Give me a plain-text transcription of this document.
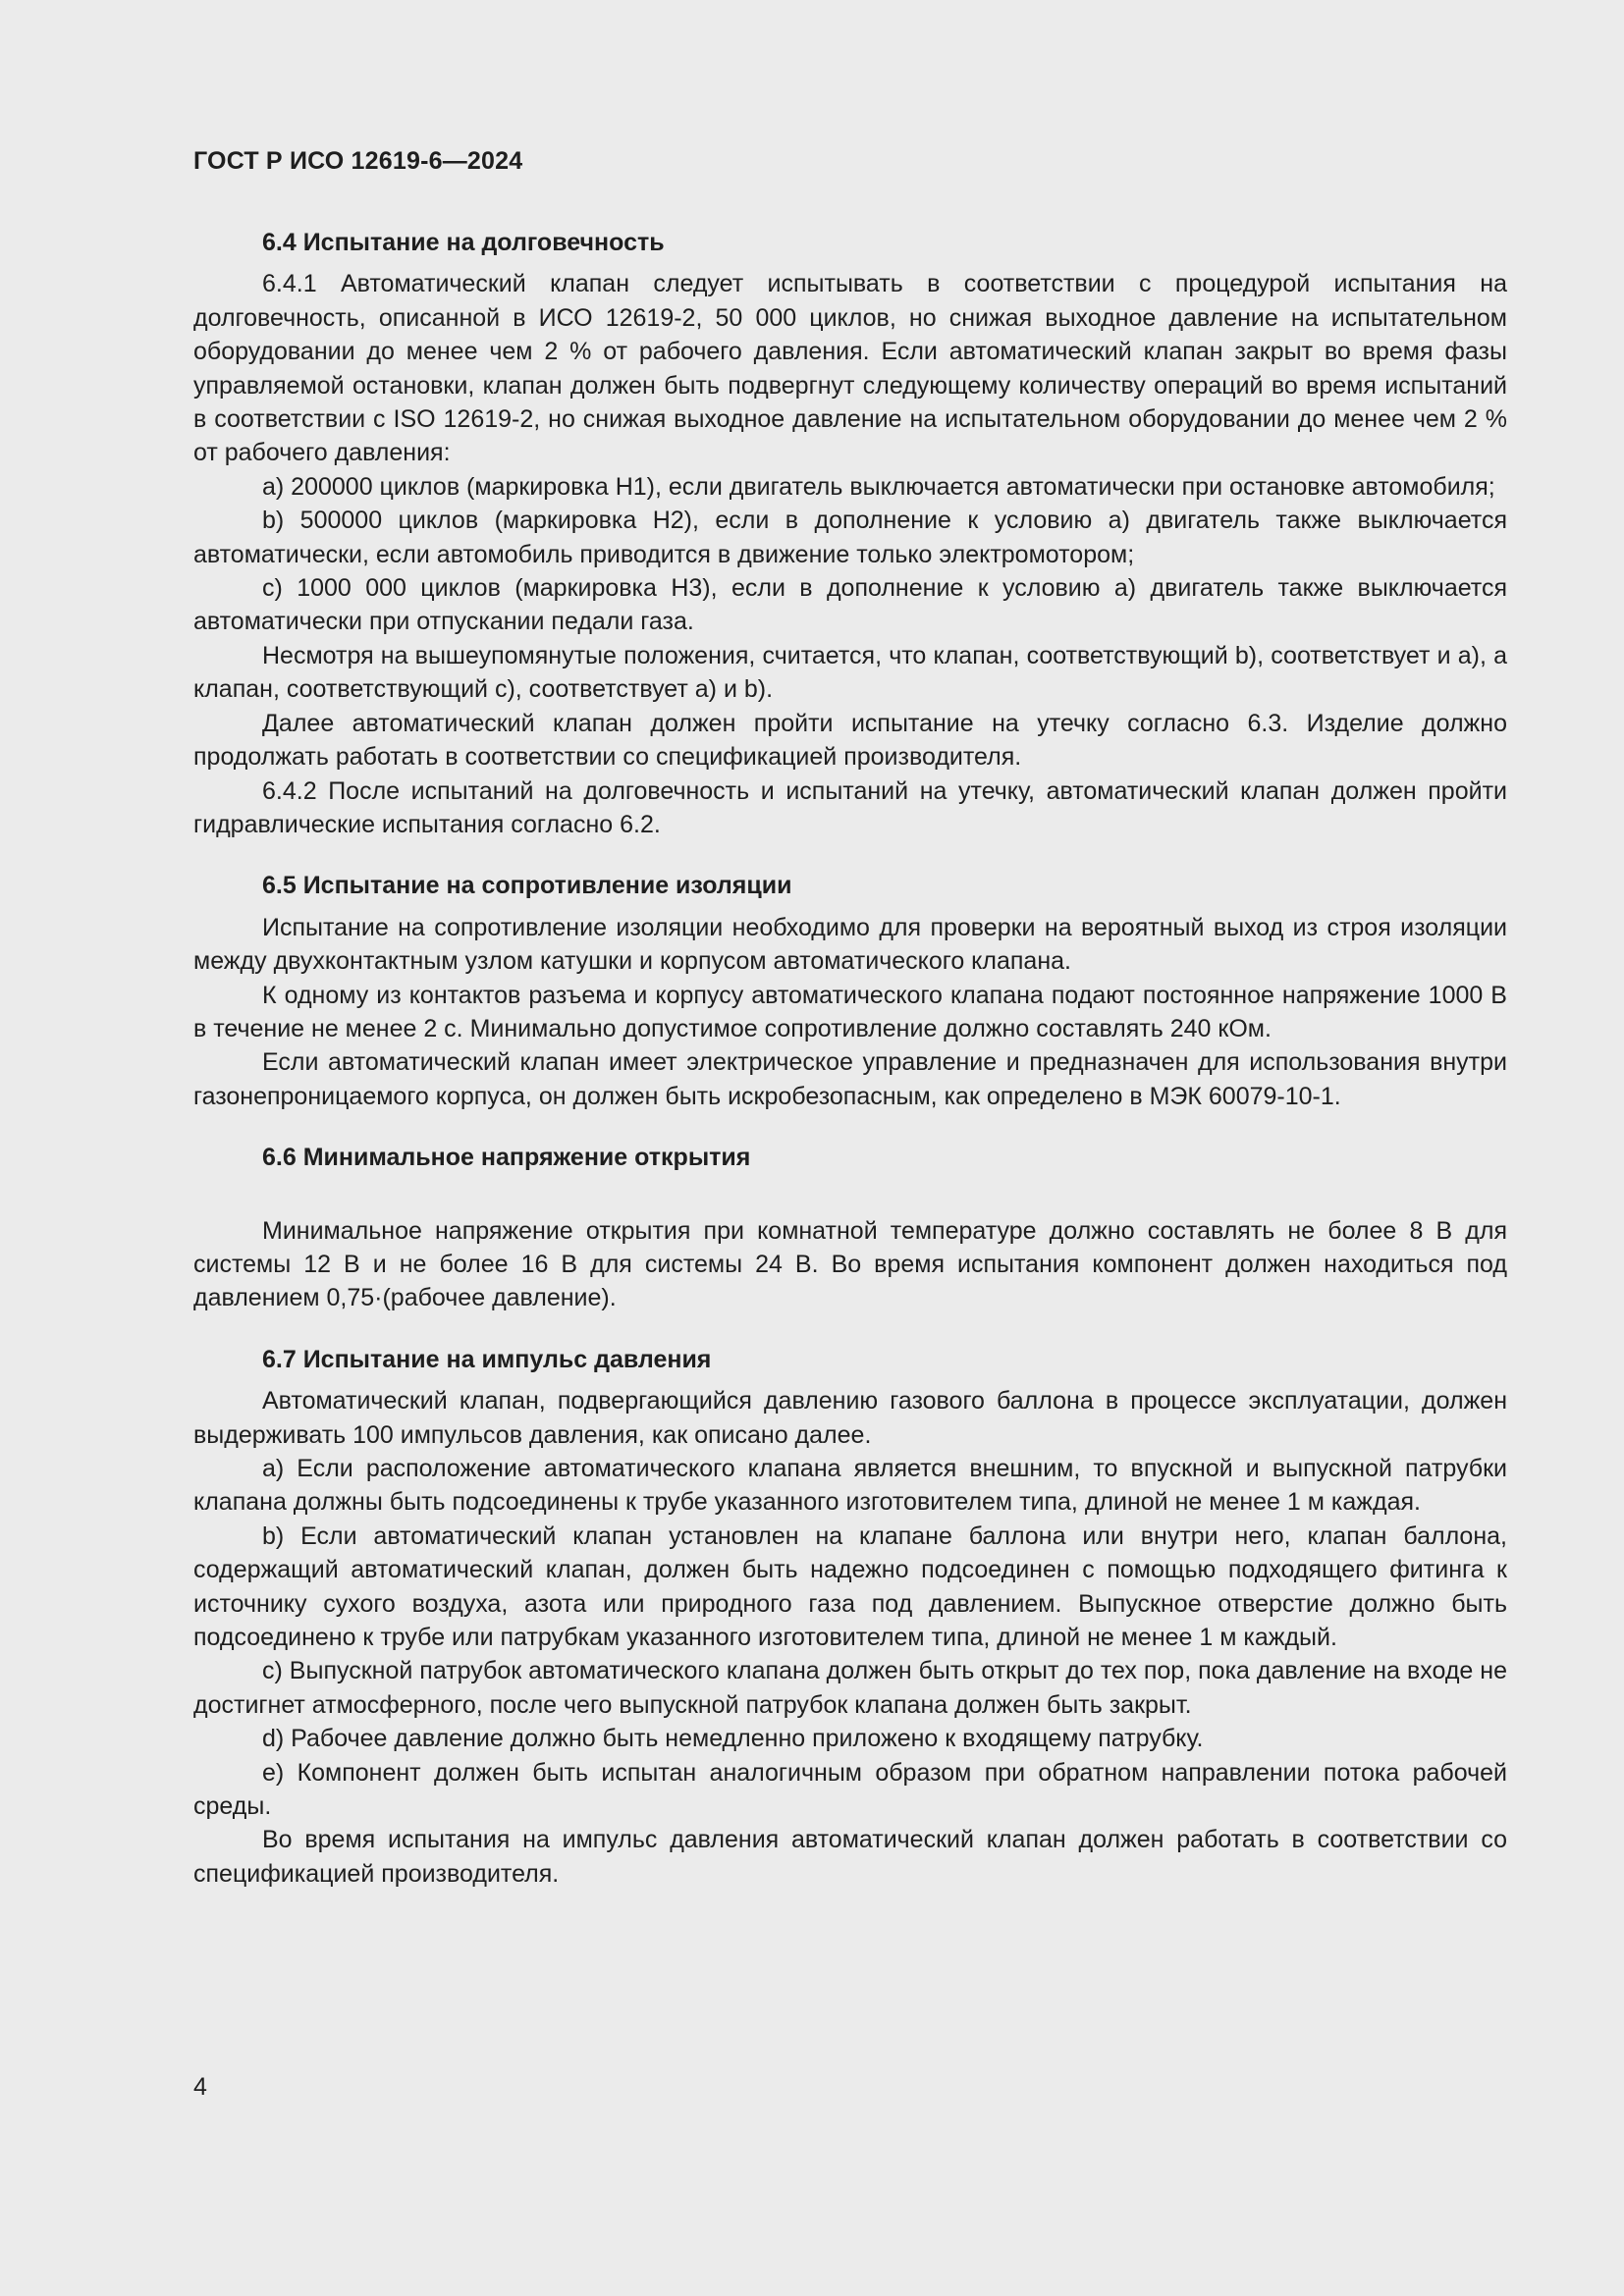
ГОСТ Р ИСО 12619-6—2024
6.4 Испытание на долговечность

6.4.1 Автоматический клапан следует испытывать в соответствии с процедурой испытания на долговечность, описанной в ИСО 12619-2, 50 000 циклов, но снижая выходное давление на испытательном оборудовании до менее чем 2 % от рабочего давления. Если автоматический клапан закрыт во время фазы управляемой остановки, клапан должен быть подвергнут следующему количеству операций во время испытаний в соответствии с ISO 12619-2, но снижая выходное давление на испытательном оборудовании до менее чем 2 % от рабочего давления:

a) 200000 циклов (маркировка H1), если двигатель выключается автоматически при остановке автомобиля;

b) 500000 циклов (маркировка H2), если в дополнение к условию a) двигатель также выключается автоматически, если автомобиль приводится в движение только электромотором;

c) 1000 000 циклов (маркировка H3), если в дополнение к условию a) двигатель также выключается автоматически при отпускании педали газа.

Несмотря на вышеупомянутые положения, считается, что клапан, соответствующий b), соответствует и a), а клапан, соответствующий c), соответствует a) и b).

Далее автоматический клапан должен пройти испытание на утечку согласно 6.3. Изделие должно продолжать работать в соответствии со спецификацией производителя.

6.4.2 После испытаний на долговечность и испытаний на утечку, автоматический клапан должен пройти гидравлические испытания согласно 6.2.

6.5 Испытание на сопротивление изоляции

Испытание на сопротивление изоляции необходимо для проверки на вероятный выход из строя изоляции между двухконтактным узлом катушки и корпусом автоматического клапана.

К одному из контактов разъема и корпусу автоматического клапана подают постоянное напряжение 1000 В в течение не менее 2 с. Минимально допустимое сопротивление должно составлять 240 кОм.

Если автоматический клапан имеет электрическое управление и предназначен для использования внутри газонепроницаемого корпуса, он должен быть искробезопасным, как определено в МЭК 60079-10-1.

6.6 Минимальное напряжение открытия

Минимальное напряжение открытия при комнатной температуре должно составлять не более 8 В для системы 12 В и не более 16 В для системы 24 В. Во время испытания компонент должен находиться под давлением 0,75·(рабочее давление).

6.7 Испытание на импульс давления

Автоматический клапан, подвергающийся давлению газового баллона в процессе эксплуатации, должен выдерживать 100 импульсов давления, как описано далее.

a) Если расположение автоматического клапана является внешним, то впускной и выпускной патрубки клапана должны быть подсоединены к трубе указанного изготовителем типа, длиной не менее 1 м каждая.

b) Если автоматический клапан установлен на клапане баллона или внутри него, клапан баллона, содержащий автоматический клапан, должен быть надежно подсоединен с помощью подходящего фитинга к источнику сухого воздуха, азота или природного газа под давлением. Выпускное отверстие должно быть подсоединено к трубе или патрубкам указанного изготовителем типа, длиной не менее 1 м каждый.

c) Выпускной патрубок автоматического клапана должен быть открыт до тех пор, пока давление на входе не достигнет атмосферного, после чего выпускной патрубок клапана должен быть закрыт.

d) Рабочее давление должно быть немедленно приложено к входящему патрубку.

e) Компонент должен быть испытан аналогичным образом при обратном направлении потока рабочей среды.

Во время испытания на импульс давления автоматический клапан должен работать в соответствии со спецификацией производителя.

4
